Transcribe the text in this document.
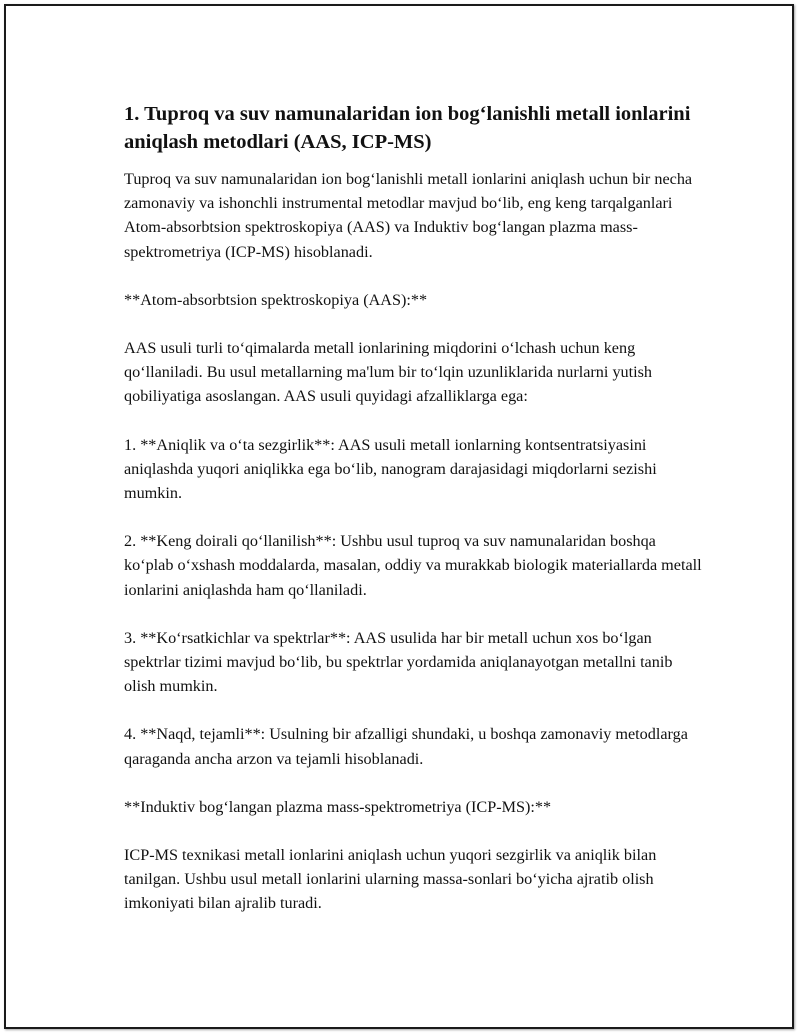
1. Tuproq va suv namunalaridan ion bog‘lanishli metall ionlarini aniqlash metodlari (AAS, ICP-MS)

Tuproq va suv namunalaridan ion bog‘lanishli metall ionlarini aniqlash uchun bir necha zamonaviy va ishonchli instrumental metodlar mavjud bo‘lib, eng keng tarqalganlari Atom-absorbtsion spektroskopiya (AAS) va Induktiv bog‘langan plazma mass-spektrometriya (ICP-MS) hisoblanadi.

**Atom-absorbtsion spektroskopiya (AAS):**

AAS usuli turli to‘qimalarda metall ionlarining miqdorini o‘lchash uchun keng qo‘llaniladi. Bu usul metallarning ma'lum bir to‘lqin uzunliklarida nurlarni yutish qobiliyatiga asoslangan. AAS usuli quyidagi afzalliklarga ega:

1. **Aniqlik va o‘ta sezgirlik**: AAS usuli metall ionlarning kontsentratsiyasini aniqlashda yuqori aniqlikka ega bo‘lib, nanogram darajasidagi miqdorlarni sezishi mumkin.

2. **Keng doirali qo‘llanilish**: Ushbu usul tuproq va suv namunalaridan boshqa ko‘plab o‘xshash moddalarda, masalan, oddiy va murakkab biologik materiallarda metall ionlarini aniqlashda ham qo‘llaniladi.

3. **Ko‘rsatkichlar va spektrlar**: AAS usulida har bir metall uchun xos bo‘lgan spektrlar tizimi mavjud bo‘lib, bu spektrlar yordamida aniqlanayotgan metallni tanib olish mumkin.

4. **Naqd, tejamli**: Usulning bir afzalligi shundaki, u boshqa zamonaviy metodlarga qaraganda ancha arzon va tejamli hisoblanadi.

**Induktiv bog‘langan plazma mass-spektrometriya (ICP-MS):**

ICP-MS texnikasi metall ionlarini aniqlash uchun yuqori sezgirlik va aniqlik bilan tanilgan. Ushbu usul metall ionlarini ularning massa-sonlari bo‘yicha ajratib olish imkoniyati bilan ajralib turadi.
